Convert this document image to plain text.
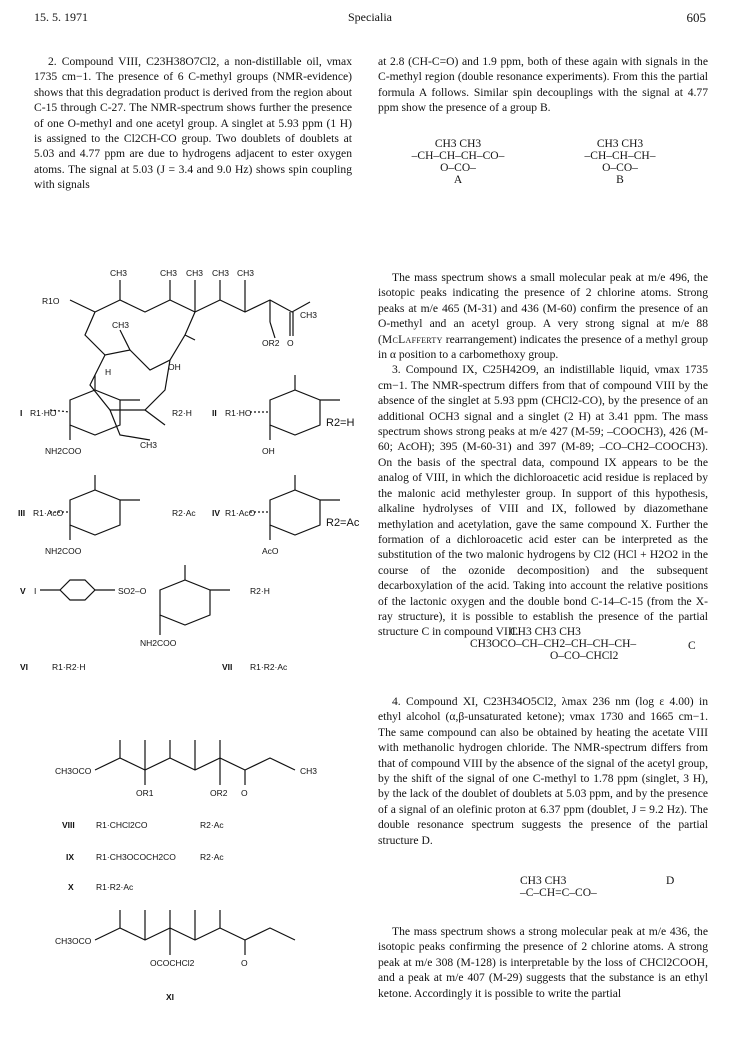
15. 5. 1971	Specialia	605

2. Compound VIII, C23H38O7Cl2, a non-distillable oil, νmax 1735 cm−1. The presence of 6 C-methyl groups (NMR-evidence) shows that this degradation product is derived from the region about C-15 through C-27. The NMR-spectrum shows further the presence of one O-methyl and one acetyl group. A singlet at 5.93 ppm (1 H) is assigned to the Cl2CH-CO group. Two doublets of doublets at 5.03 and 4.77 ppm are due to hydrogens adjacent to ester oxygen atoms. The signal at 5.03 (J = 3.4 and 9.0 Hz) shows spin coupling with signals

CH3	CH3 CH3 CH3 CH3
R1O
CH3
CH3
OR2 O
OH
H
CH3
I R1·HO	R2·H
NH2COO
II R1·HO
R2=H
OH
III R1·AcO	R2·Ac
NH2COO
IV R1·AcO
R2=Ac
AcO
V I	SO2–O	R2·H
NH2COO
VI	R1·R2·H	VII R1·R2·Ac
CH3OCO
OR1	OR2 O
CH3
VIII R1·CHCl2CO	R2·Ac
IX	R1·CH3OCOCH2CO	R2·Ac
X	R1·R2·Ac
CH3OCO
OCOCHCl2	O
XI

at 2.8 (CH-C=O) and 1.9 ppm, both of these again with signals in the C-methyl region (double resonance experiments). From this the partial formula A follows. Similar spin decouplings with the signal at 4.77 ppm show the presence of a group B.

CH3 CH3
–CH–CH–CH–CO–
O–CO–
A
CH3 CH3
–CH–CH–CH–
O–CO–
B

The mass spectrum shows a small molecular peak at m/e 496, the isotopic peaks indicating the presence of 2 chlorine atoms. Strong peaks at m/e 465 (M-31) and 436 (M-60) confirm the presence of an O-methyl and an acetyl group. A very strong signal at m/e 88 (McLafferty rearrangement) indicates the presence of a methyl group in α position to a carbomethoxy group.

3. Compound IX, C25H42O9, an indistillable liquid, νmax 1735 cm−1. The NMR-spectrum differs from that of compound VIII by the absence of the singlet at 5.93 ppm (CHCl2-CO), by the presence of an additional OCH3 signal and a singlet (2 H) at 3.41 ppm. The mass spectrum shows strong peaks at m/e 427 (M-59; –COOCH3), 426 (M-60; AcOH); 395 (M-60-31) and 397 (M-89; –CO–CH2–COOCH3). On the basis of the spectral data, compound IX appears to be the analog of VIII, in which the dichloroacetic acid residue is replaced by the malonic acid methylester group. In support of this hypothesis, alkaline hydrolyses of VIII and IX, followed by diazomethane methylation and acetylation, gave the same compound X. Further the formation of a dichloroacetic acid ester can be interpreted as the substitution of the two malonic hydrogens by Cl2 (HCl + H2O2 in the course of the ozonide decomposition) and the subsequent decarboxylation of the acid. Taking into account the relative positions of the lactonic oxygen and the double bond C-14–C-15 (from the X-ray structure), it is possible to establish the presence of the partial structure C in compound VIII.

CH3 CH3 CH3
CH3OCO–CH–CH2–CH–CH–CH–
O–CO–CHCl2
C

4. Compound XI, C23H34O5Cl2, λmax 236 nm (log ε 4.00) in ethyl alcohol (α,β-unsaturated ketone); νmax 1730 and 1665 cm−1. The same compound can also be obtained by heating the acetate VIII with methanolic hydrogen chloride. The NMR-spectrum differs from that of compound VIII by the absence of the signal of the acetyl group, by the shift of the signal of one C-methyl to 1.78 ppm (singlet, 3 H), by the lack of the doublet of doublets at 5.03 ppm, and by the presence of a signal of an olefinic proton at 6.37 ppm (doublet, J = 9.2 Hz). The double resonance spectrum suggests the presence of the partial structure D.

CH3 CH3
–C–CH=C–CO–
D

The mass spectrum shows a strong molecular peak at m/e 436, the isotopic peaks confirming the presence of 2 chlorine atoms. A strong peak at m/e 308 (M-128) is interpretable by the loss of CHCl2COOH, and a peak at m/e 407 (M-29) suggests that the substance is an ethyl ketone. Accordingly it is possible to write the partial
